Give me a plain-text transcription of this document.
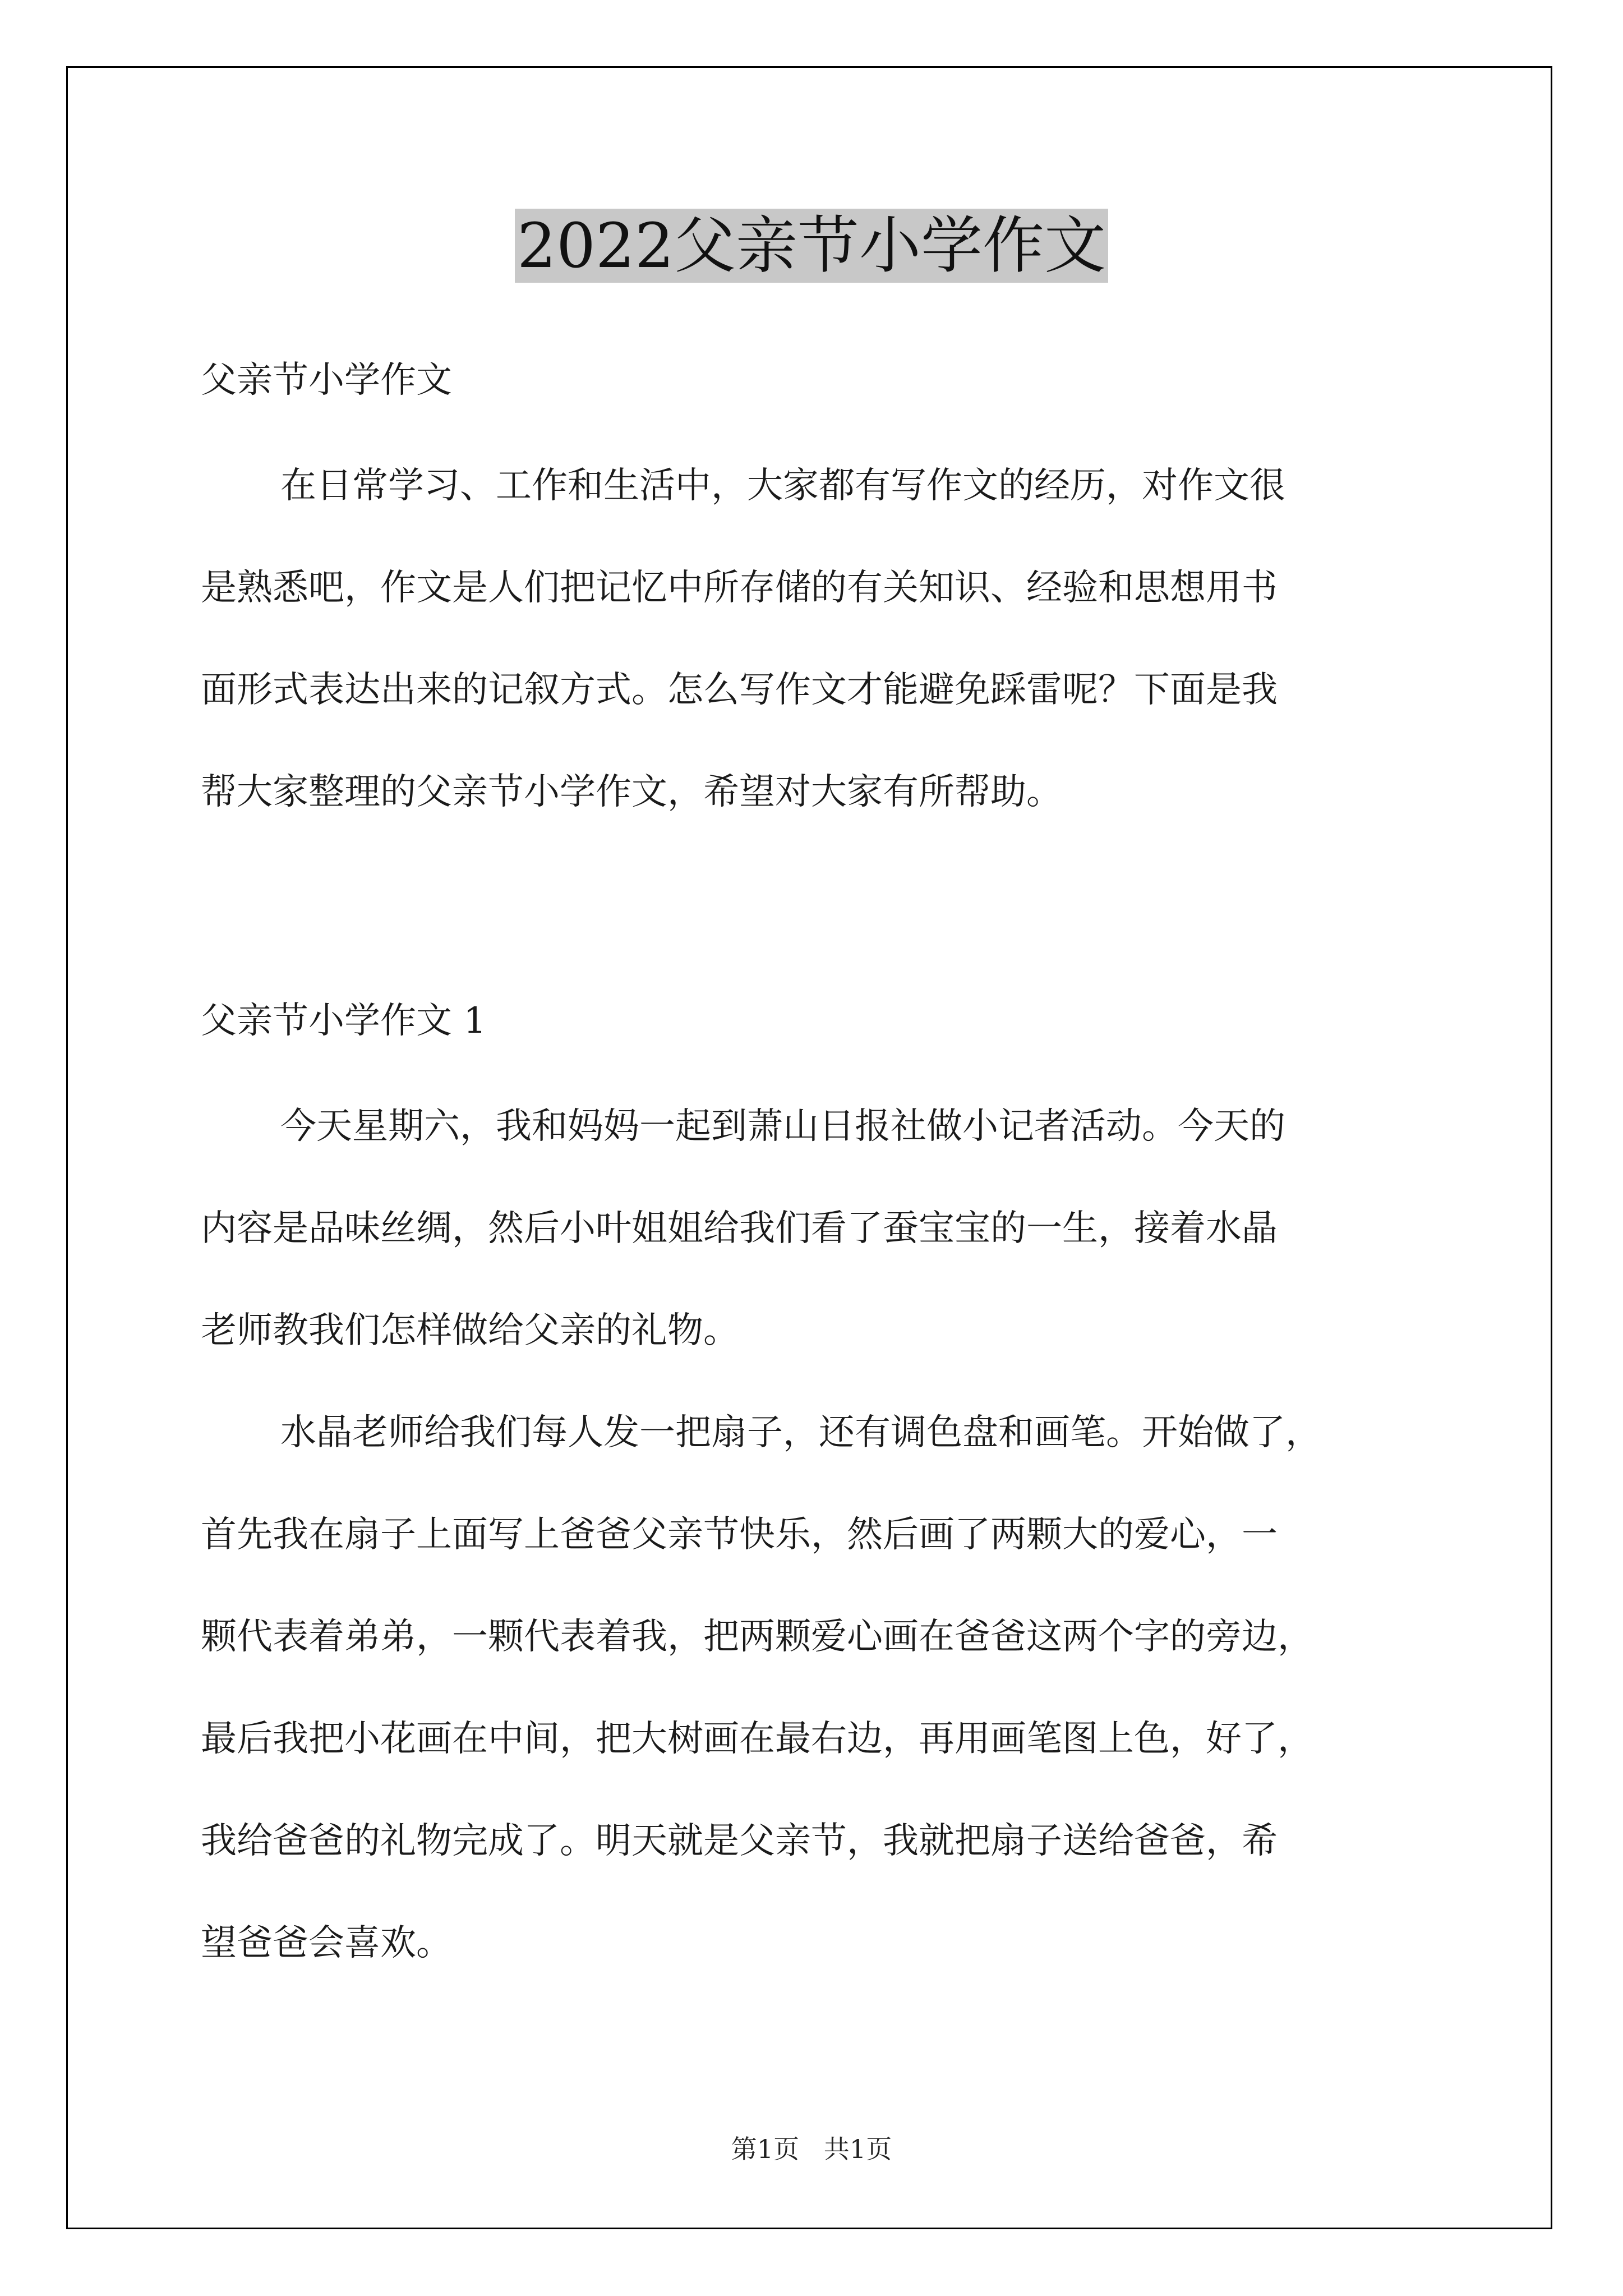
2022父亲节小学作文
父亲节小学作文
在日常学习、工作和生活中，大家都有写作文的经历，对作文很
是熟悉吧，作文是人们把记忆中所存储的有关知识、经验和思想用书
面形式表达出来的记叙方式。怎么写作文才能避免踩雷呢？下面是我
帮大家整理的父亲节小学作文，希望对大家有所帮助。
父亲节小学作文 1
今天星期六，我和妈妈一起到萧山日报社做小记者活动。今天的
内容是品味丝绸，然后小叶姐姐给我们看了蚕宝宝的一生，接着水晶
老师教我们怎样做给父亲的礼物。
水晶老师给我们每人发一把扇子，还有调色盘和画笔。开始做了，
首先我在扇子上面写上爸爸父亲节快乐，然后画了两颗大的爱心，一
颗代表着弟弟，一颗代表着我，把两颗爱心画在爸爸这两个字的旁边，
最后我把小花画在中间，把大树画在最右边，再用画笔图上色，好了，
我给爸爸的礼物完成了。明天就是父亲节，我就把扇子送给爸爸，希
望爸爸会喜欢。
第1页   共1页
